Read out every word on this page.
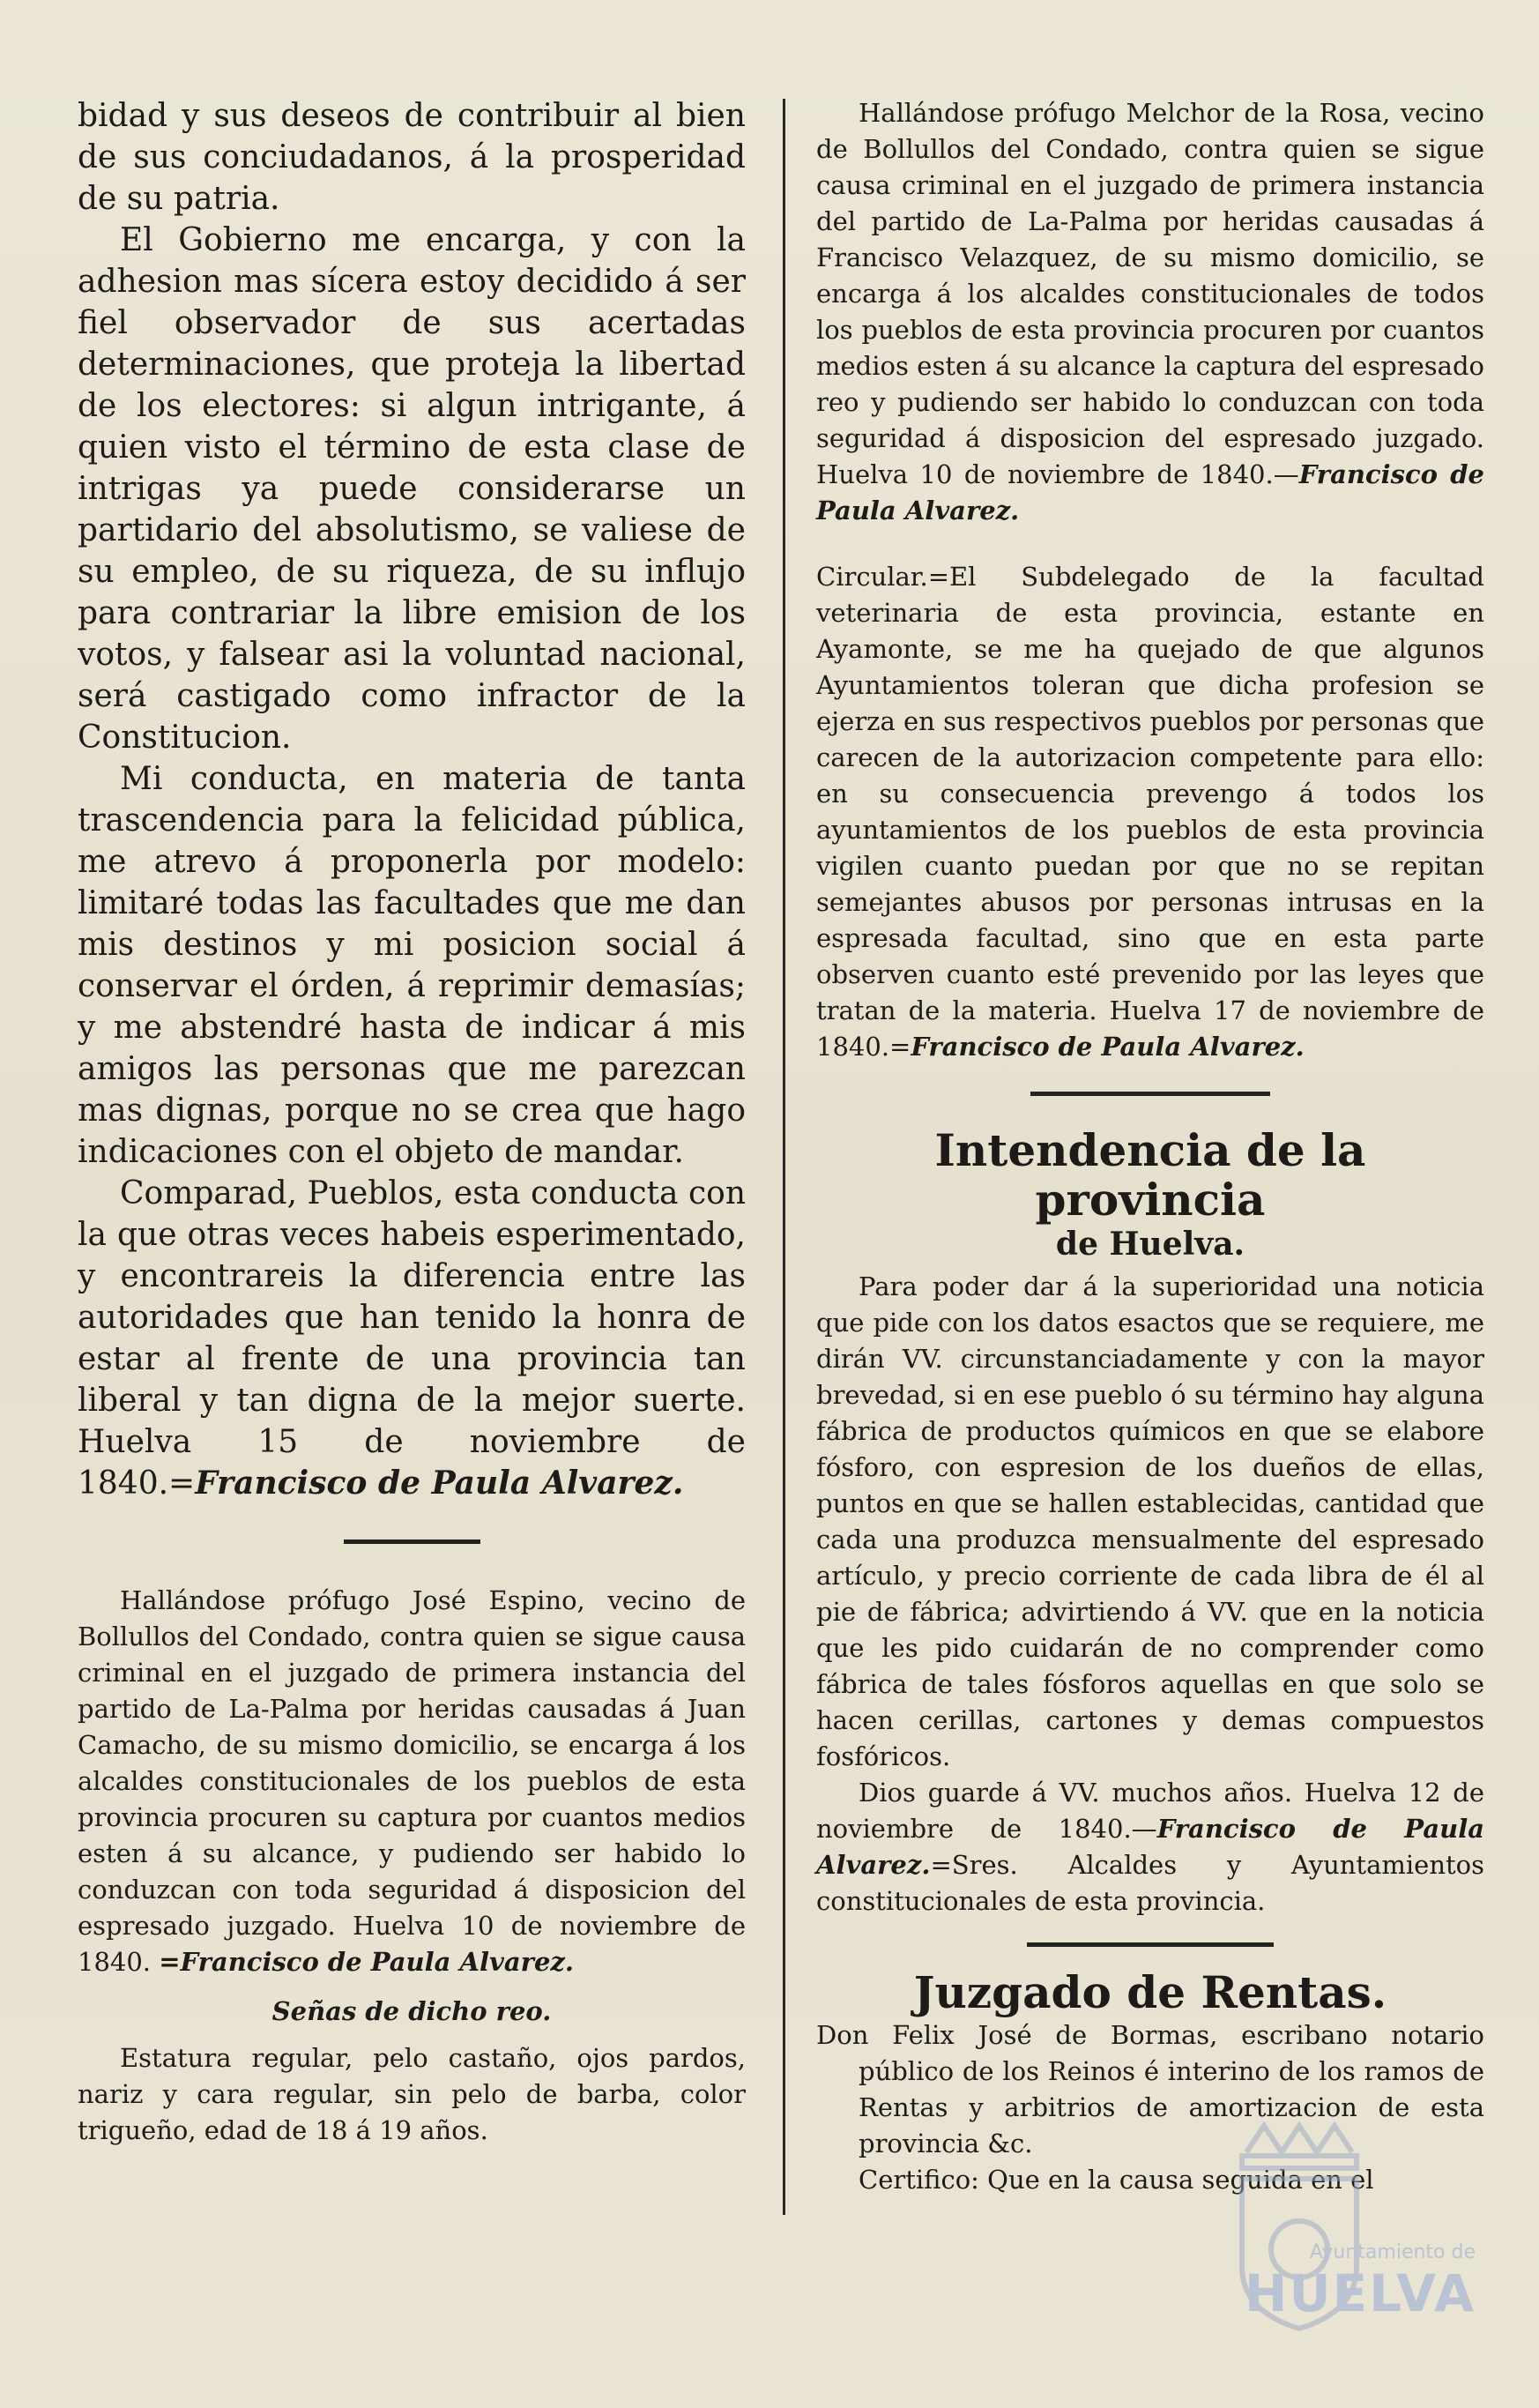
bidad y sus deseos de contribuir al bien de sus conciudadanos, á la prosperidad de su patria.

El Gobierno me encarga, y con la adhesion mas sícera estoy decidido á ser fiel observador de sus acertadas determinaciones, que proteja la libertad de los electores: si algun intrigante, á quien visto el término de esta clase de intrigas ya puede considerarse un partidario del absolutismo, se valiese de su empleo, de su riqueza, de su influjo para contrariar la libre emision de los votos, y falsear asi la voluntad nacional, será castigado como infractor de la Constitucion.

Mi conducta, en materia de tanta trascendencia para la felicidad pública, me atrevo á proponerla por modelo: limitaré todas las facultades que me dan mis destinos y mi posicion social á conservar el órden, á reprimir demasías; y me abstendré hasta de indicar á mis amigos las personas que me parezcan mas dignas, porque no se crea que hago indicaciones con el objeto de mandar.

Comparad, Pueblos, esta conducta con la que otras veces habeis esperimentado, y encontrareis la diferencia entre las autoridades que han tenido la honra de estar al frente de una provincia tan liberal y tan digna de la mejor suerte. Huelva 15 de noviembre de 1840.=Francisco de Paula Alvarez.

Hallándose prófugo José Espino, vecino de Bollullos del Condado, contra quien se sigue causa criminal en el juzgado de primera instancia del partido de La-Palma por heridas causadas á Juan Camacho, de su mismo domicilio, se encarga á los alcaldes constitucionales de los pueblos de esta provincia procuren su captura por cuantos medios esten á su alcance, y pudiendo ser habido lo conduzcan con toda seguridad á disposicion del espresado juzgado. Huelva 10 de noviembre de 1840. =Francisco de Paula Alvarez.

Señas de dicho reo.

Estatura regular, pelo castaño, ojos pardos, nariz y cara regular, sin pelo de barba, color trigueño, edad de 18 á 19 años.

Hallándose prófugo Melchor de la Rosa, vecino de Bollullos del Condado, contra quien se sigue causa criminal en el juzgado de primera instancia del partido de La-Palma por heridas causadas á Francisco Velazquez, de su mismo domicilio, se encarga á los alcaldes constitucionales de todos los pueblos de esta provincia procuren por cuantos medios esten á su alcance la captura del espresado reo y pudiendo ser habido lo conduzcan con toda seguridad á disposicion del espresado juzgado. Huelva 10 de noviembre de 1840.—Francisco de Paula Alvarez.

Circular.=El Subdelegado de la facultad veterinaria de esta provincia, estante en Ayamonte, se me ha quejado de que algunos Ayuntamientos toleran que dicha profesion se ejerza en sus respectivos pueblos por personas que carecen de la autorizacion competente para ello: en su consecuencia prevengo á todos los ayuntamientos de los pueblos de esta provincia vigilen cuanto puedan por que no se repitan semejantes abusos por personas intrusas en la espresada facultad, sino que en esta parte observen cuanto esté prevenido por las leyes que tratan de la materia. Huelva 17 de noviembre de 1840.=Francisco de Paula Alvarez.

Intendencia de la provincia
de Huelva.

Para poder dar á la superioridad una noticia que pide con los datos esactos que se requiere, me dirán VV. circunstanciadamente y con la mayor brevedad, si en ese pueblo ó su término hay alguna fábrica de productos químicos en que se elabore fósforo, con espresion de los dueños de ellas, puntos en que se hallen establecidas, cantidad que cada una produzca mensualmente del espresado artículo, y precio corriente de cada libra de él al pie de fábrica; advirtiendo á VV. que en la noticia que les pido cuidarán de no comprender como fábrica de tales fósforos aquellas en que solo se hacen cerillas, cartones y demas compuestos fosfóricos.

Dios guarde á VV. muchos años. Huelva 12 de noviembre de 1840.—Francisco de Paula Alvarez.=Sres. Alcaldes y Ayuntamientos constitucionales de esta provincia.

Juzgado de Rentas.

Don Felix José de Bormas, escribano notario público de los Reinos é interino de los ramos de Rentas y arbitrios de amortizacion de esta provincia &c.

Certifico: Que en la causa seguida en el

Ayuntamiento de
HUELVA
